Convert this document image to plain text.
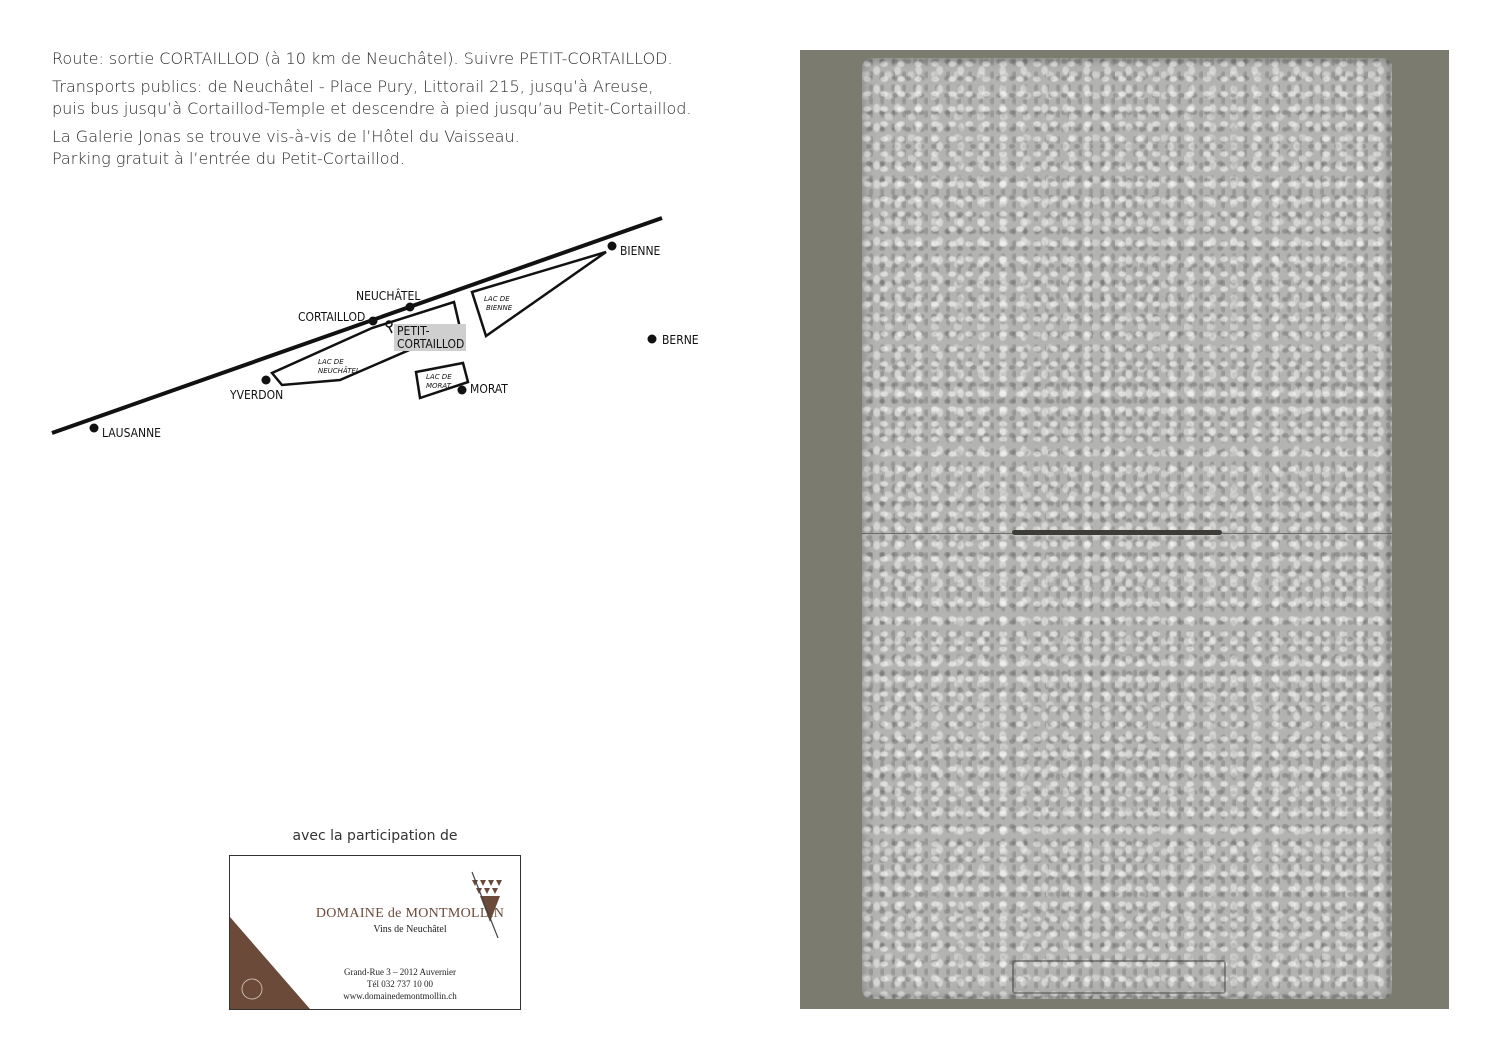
Route: sortie CORTAILLOD (à 10 km de Neuchâtel). Suivre PETIT-CORTAILLOD.

Transports publics: de Neuchâtel - Place Pury, Littorail 215, jusqu’à Areuse,
puis bus jusqu’à Cortaillod-Temple et descendre à pied jusqu’au Petit-Cortaillod.

La Galerie Jonas se trouve vis-à-vis de l’Hôtel du Vaisseau.
Parking gratuit à l’entrée du Petit-Cortaillod.

BIENNE
NEUCHÂTEL
CORTAILLOD
PETIT-
CORTAILLOD	BERNE
YVERDON	MORAT
LAUSANNE
LAC DE
BIENNE
LAC DE
NEUCHÂTEL
LAC DE
MORAT
avec la participation de
DOMAINE de MONTMOLLIN
Vins de Neuchâtel
Grand-Rue 3 – 2012 Auvernier
Tél 032 737 10 00
www.domainedemontmollin.ch
